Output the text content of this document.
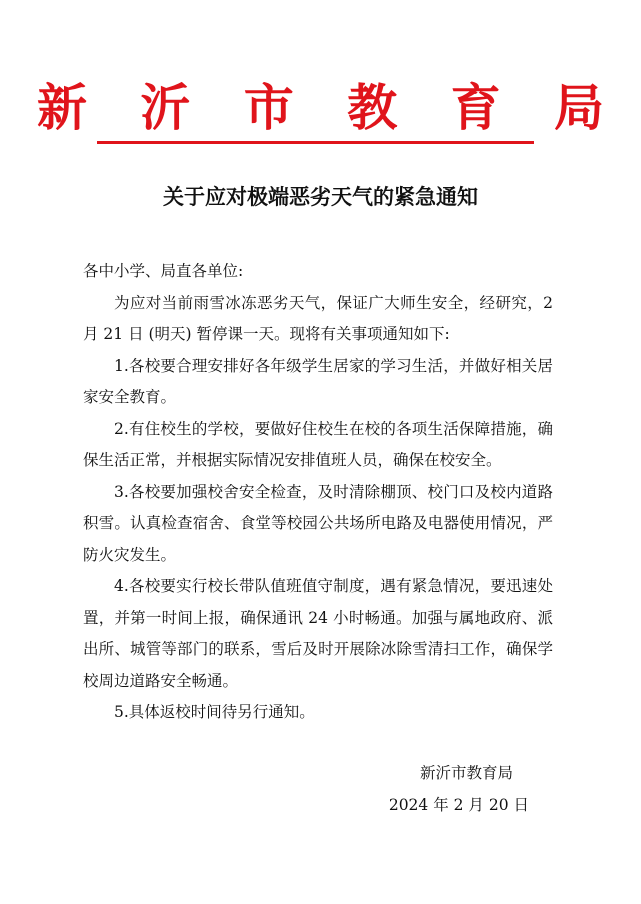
新 沂 市 教 育 局
关于应对极端恶劣天气的紧急通知

各中小学、局直各单位:

为应对当前雨雪冰冻恶劣天气，保证广大师生安全，经研究，2 月 21 日 (明天) 暂停课一天。现将有关事项通知如下:

1.各校要合理安排好各年级学生居家的学习生活，并做好相关居家安全教育。

2.有住校生的学校，要做好住校生在校的各项生活保障措施，确保生活正常，并根据实际情况安排值班人员，确保在校安全。

3.各校要加强校舍安全检查，及时清除棚顶、校门口及校内道路积雪。认真检查宿舍、食堂等校园公共场所电路及电器使用情况，严防火灾发生。

4.各校要实行校长带队值班值守制度，遇有紧急情况，要迅速处置，并第一时间上报，确保通讯 24 小时畅通。加强与属地政府、派出所、城管等部门的联系，雪后及时开展除冰除雪清扫工作，确保学校周边道路安全畅通。

5.具体返校时间待另行通知。

新沂市教育局
2024 年 2 月 20 日
